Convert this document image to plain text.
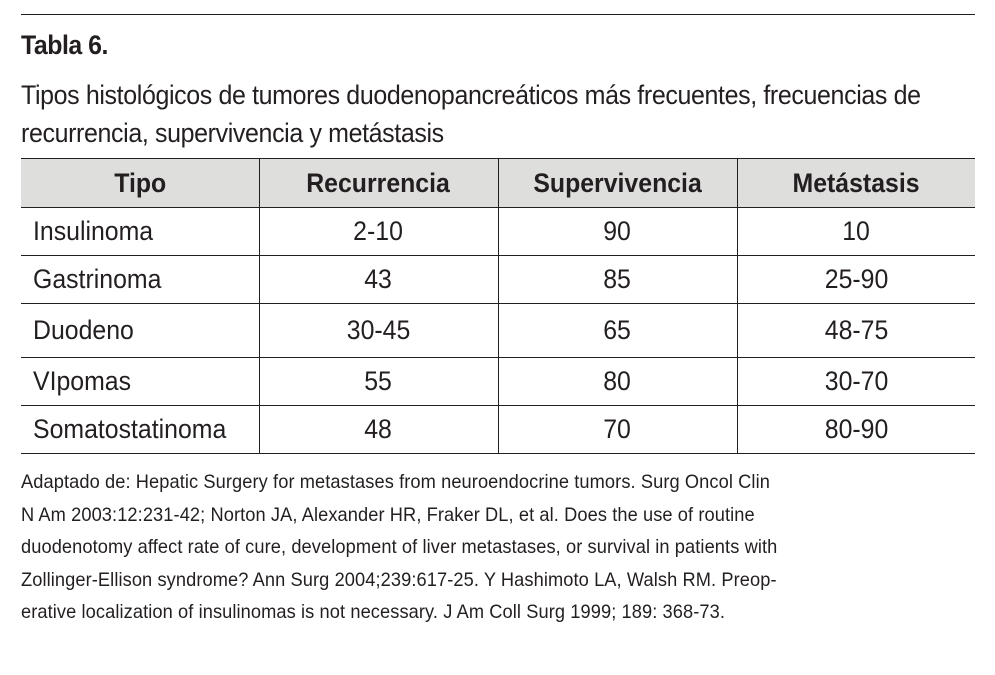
Tabla 6.
Tipos histológicos de tumores duodenopancreáticos más frecuentes, frecuencias de
recurrencia, supervivencia y metástasis
Tipo	Recurrencia	Supervivencia	Metástasis
Insulinoma	2-10	90	10
Gastrinoma	43	85	25-90
Duodeno	30-45	65	48-75
VIpomas	55	80	30-70
Somatostatinoma	48	70	80-90
Adaptado de: Hepatic Surgery for metastases from neuroendocrine tumors. Surg Oncol Clin
N Am 2003:12:231-42; Norton JA, Alexander HR, Fraker DL, et al. Does the use of routine
duodenotomy affect rate of cure, development of liver metastases, or survival in patients with
Zollinger-Ellison syndrome? Ann Surg 2004;239:617-25. Y Hashimoto LA, Walsh RM. Preop-
erative localization of insulinomas is not necessary. J Am Coll Surg 1999; 189: 368-73.
